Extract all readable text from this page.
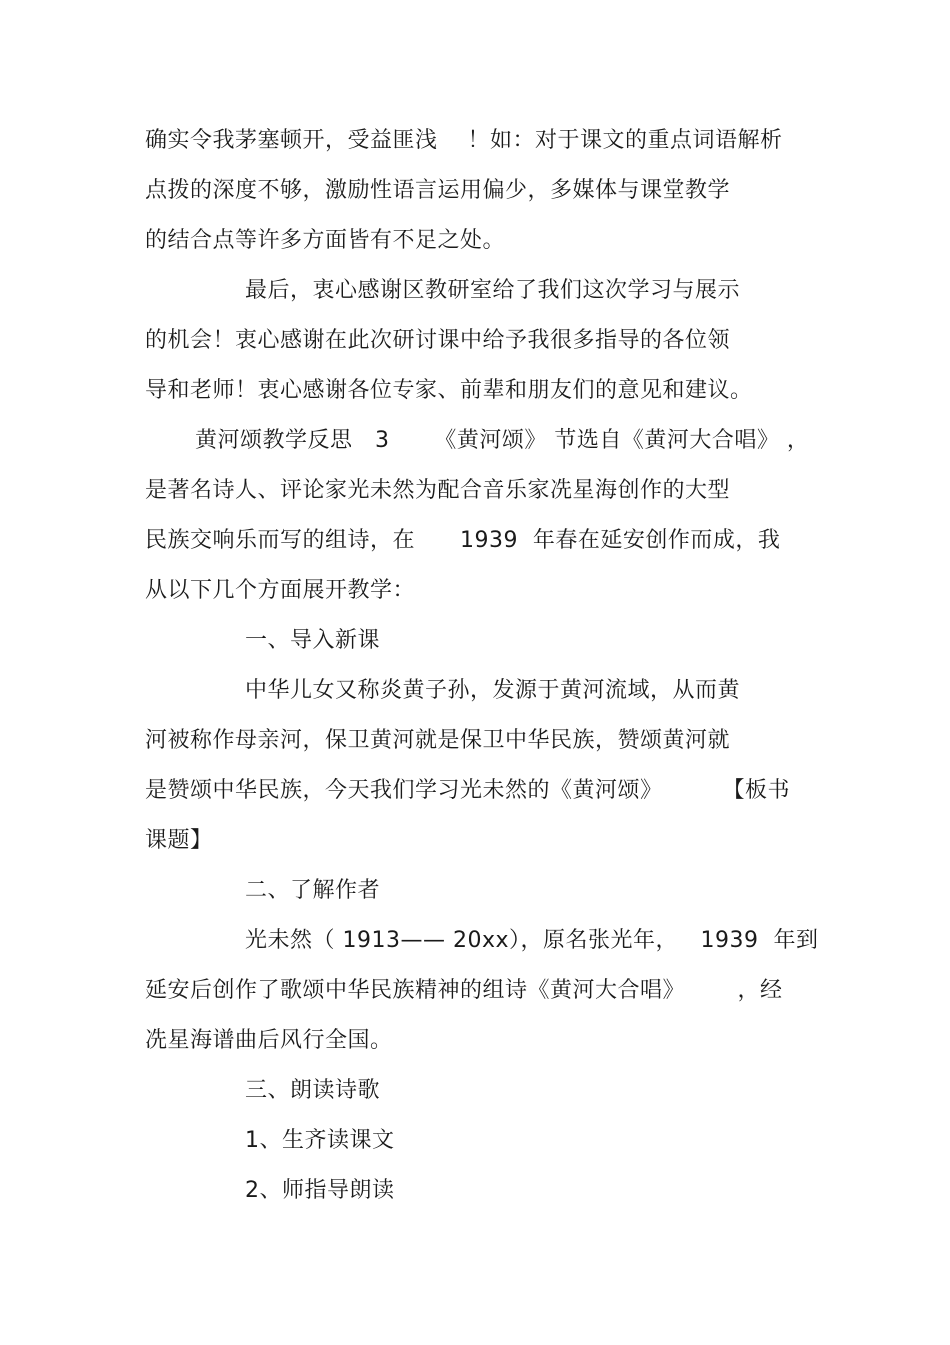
确实令我茅塞顿开，受益匪浅    ！如：对于课文的重点词语解析
点拨的深度不够，激励性语言运用偏少，多媒体与课堂教学
的结合点等许多方面皆有不足之处。
最后，衷心感谢区教研室给了我们这次学习与展示
的机会！衷心感谢在此次研讨课中给予我很多指导的各位领
导和老师！衷心感谢各位专家、前辈和朋友们的意见和建议。
黄河颂教学反思   3      《黄河颂》 节选自《黄河大合唱》 ，
是著名诗人、评论家光未然为配合音乐家冼星海创作的大型
民族交响乐而写的组诗，在      1939  年春在延安创作而成，我
从以下几个方面展开教学：
一、导入新课
中华儿女又称炎黄子孙，发源于黄河流域，从而黄
河被称作母亲河，保卫黄河就是保卫中华民族，赞颂黄河就
是赞颂中华民族，今天我们学习光未然的《黄河颂》        【板书
课题】
二、了解作者
光未然（ 1913—— 20xx），原名张光年，   1939  年到
延安后创作了歌颂中华民族精神的组诗《黄河大合唱》       ，经
冼星海谱曲后风行全国。
三、朗读诗歌
1、生齐读课文
2、师指导朗读
